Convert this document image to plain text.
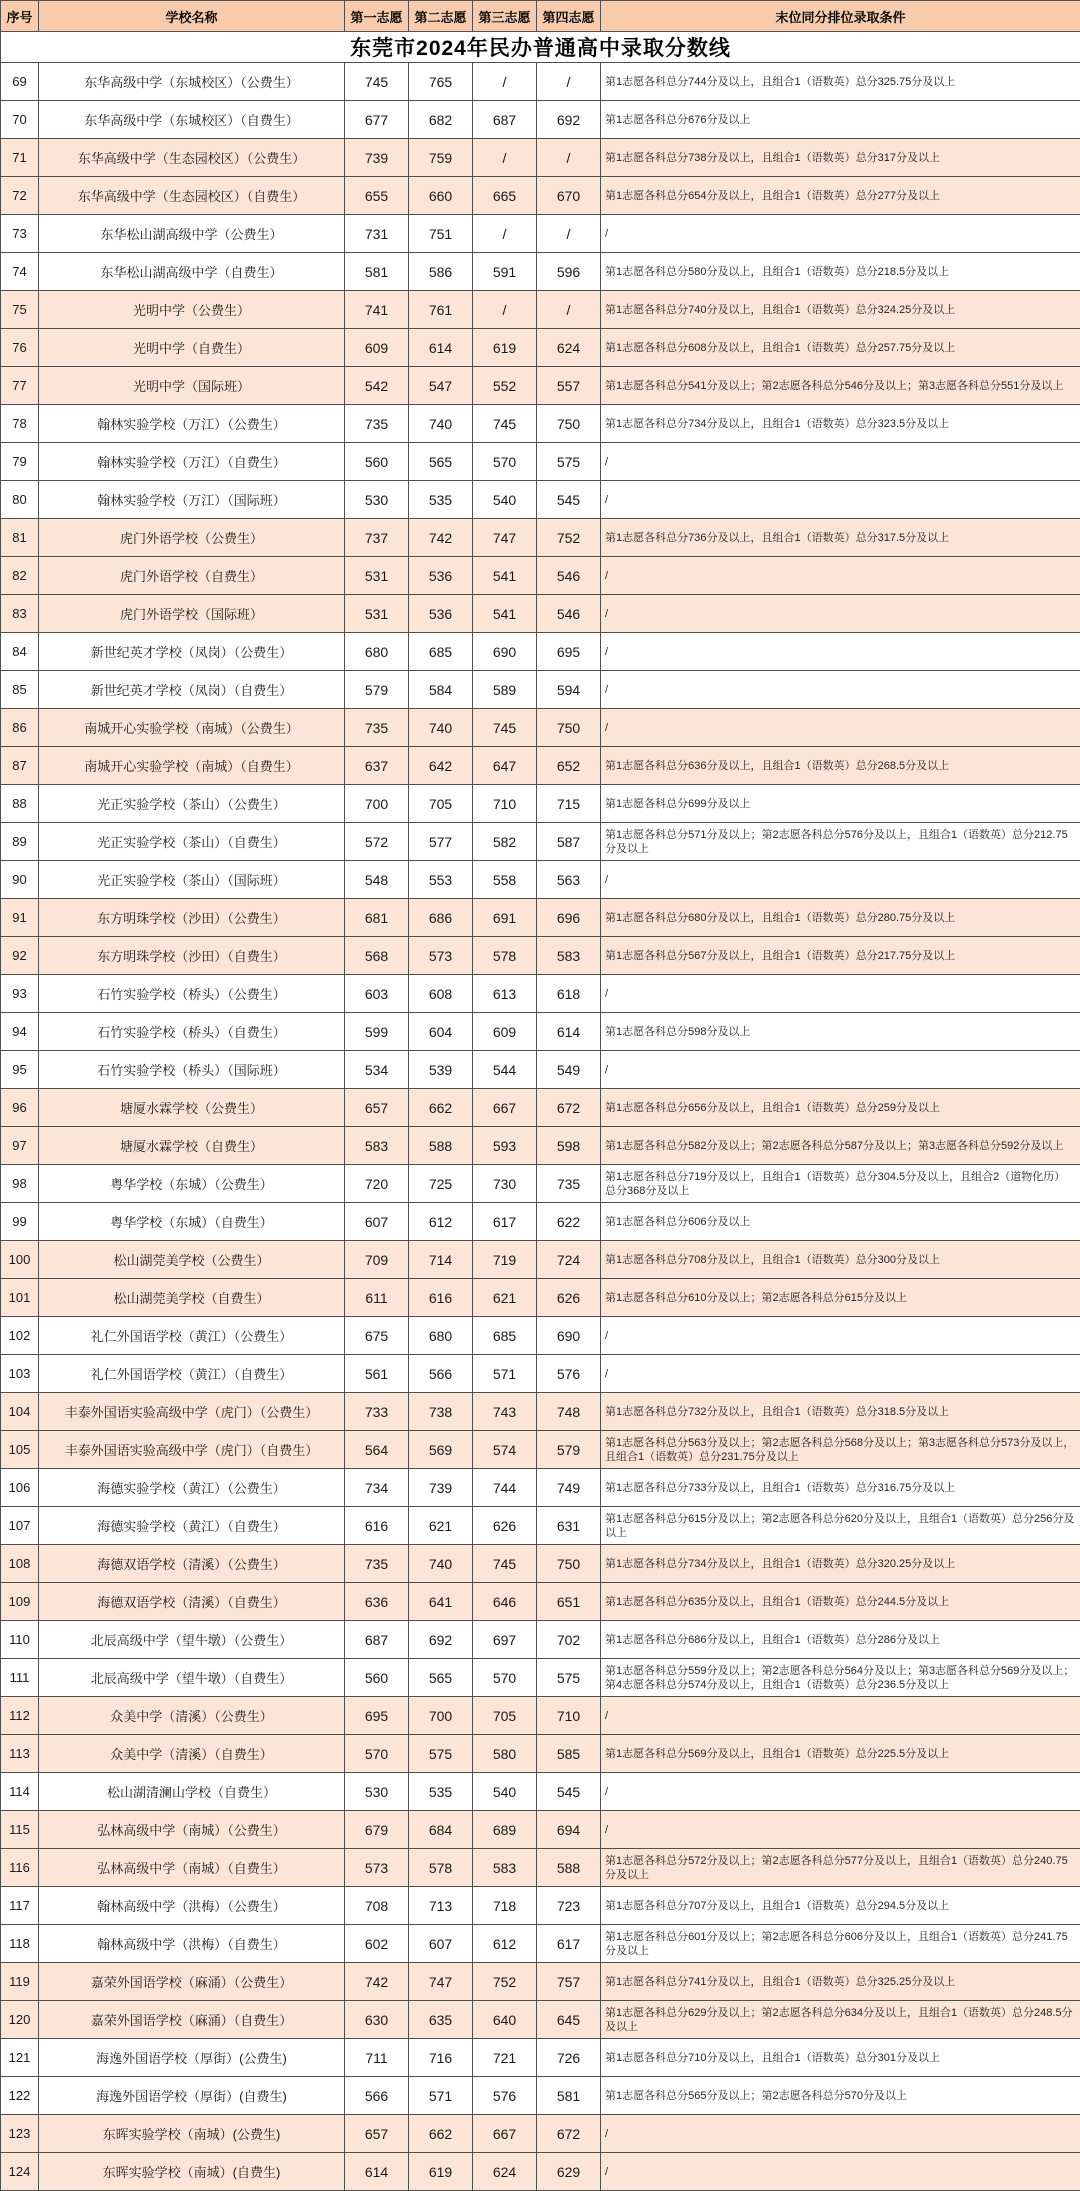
东莞市2024年民办普通高中录取分数线						
序号	学校名称	第一志愿	第二志愿	第三志愿	第四志愿	末位同分排位录取条件
69	东华高级中学（东城校区）（公费生）	745	765	/	/	第1志愿各科总分744分及以上，且组合1（语数英）总分325.75分及以上
70	东华高级中学（东城校区）（自费生）	677	682	687	692	第1志愿各科总分676分及以上
71	东华高级中学（生态园校区）（公费生）	739	759	/	/	第1志愿各科总分738分及以上，且组合1（语数英）总分317分及以上
72	东华高级中学（生态园校区）（自费生）	655	660	665	670	第1志愿各科总分654分及以上，且组合1（语数英）总分277分及以上
73	东华松山湖高级中学（公费生）	731	751	/	/	/
74	东华松山湖高级中学（自费生）	581	586	591	596	第1志愿各科总分580分及以上，且组合1（语数英）总分218.5分及以上
75	光明中学（公费生）	741	761	/	/	第1志愿各科总分740分及以上，且组合1（语数英）总分324.25分及以上
76	光明中学（自费生）	609	614	619	624	第1志愿各科总分608分及以上，且组合1（语数英）总分257.75分及以上
77	光明中学（国际班）	542	547	552	557	第1志愿各科总分541分及以上；第2志愿各科总分546分及以上；第3志愿各科总分551分及以上
78	翰林实验学校（万江）（公费生）	735	740	745	750	第1志愿各科总分734分及以上，且组合1（语数英）总分323.5分及以上
79	翰林实验学校（万江）（自费生）	560	565	570	575	/
80	翰林实验学校（万江）（国际班）	530	535	540	545	/
81	虎门外语学校（公费生）	737	742	747	752	第1志愿各科总分736分及以上，且组合1（语数英）总分317.5分及以上
82	虎门外语学校（自费生）	531	536	541	546	/
83	虎门外语学校（国际班）	531	536	541	546	/
84	新世纪英才学校（凤岗）（公费生）	680	685	690	695	/
85	新世纪英才学校（凤岗）（自费生）	579	584	589	594	/
86	南城开心实验学校（南城）（公费生）	735	740	745	750	/
87	南城开心实验学校（南城）（自费生）	637	642	647	652	第1志愿各科总分636分及以上，且组合1（语数英）总分268.5分及以上
88	光正实验学校（茶山）（公费生）	700	705	710	715	第1志愿各科总分699分及以上
89	光正实验学校（茶山）（自费生）	572	577	582	587	第1志愿各科总分571分及以上；第2志愿各科总分576分及以上，且组合1（语数英）总分212.75分及以上
90	光正实验学校（茶山）（国际班）	548	553	558	563	/
91	东方明珠学校（沙田）（公费生）	681	686	691	696	第1志愿各科总分680分及以上，且组合1（语数英）总分280.75分及以上
92	东方明珠学校（沙田）（自费生）	568	573	578	583	第1志愿各科总分567分及以上，且组合1（语数英）总分217.75分及以上
93	石竹实验学校（桥头）（公费生）	603	608	613	618	/
94	石竹实验学校（桥头）（自费生）	599	604	609	614	第1志愿各科总分598分及以上
95	石竹实验学校（桥头）（国际班）	534	539	544	549	/
96	塘厦水霖学校（公费生）	657	662	667	672	第1志愿各科总分656分及以上，且组合1（语数英）总分259分及以上
97	塘厦水霖学校（自费生）	583	588	593	598	第1志愿各科总分582分及以上；第2志愿各科总分587分及以上；第3志愿各科总分592分及以上
98	粤华学校（东城）（公费生）	720	725	730	735	第1志愿各科总分719分及以上，且组合1（语数英）总分304.5分及以上，且组合2（道物化历）总分368分及以上
99	粤华学校（东城）（自费生）	607	612	617	622	第1志愿各科总分606分及以上
100	松山湖莞美学校（公费生）	709	714	719	724	第1志愿各科总分708分及以上，且组合1（语数英）总分300分及以上
101	松山湖莞美学校（自费生）	611	616	621	626	第1志愿各科总分610分及以上；第2志愿各科总分615分及以上
102	礼仁外国语学校（黄江）（公费生）	675	680	685	690	/
103	礼仁外国语学校（黄江）（自费生）	561	566	571	576	/
104	丰泰外国语实验高级中学（虎门）（公费生）	733	738	743	748	第1志愿各科总分732分及以上，且组合1（语数英）总分318.5分及以上
105	丰泰外国语实验高级中学（虎门）（自费生）	564	569	574	579	第1志愿各科总分563分及以上；第2志愿各科总分568分及以上；第3志愿各科总分573分及以上，且组合1（语数英）总分231.75分及以上
106	海德实验学校（黄江）（公费生）	734	739	744	749	第1志愿各科总分733分及以上，且组合1（语数英）总分316.75分及以上
107	海德实验学校（黄江）（自费生）	616	621	626	631	第1志愿各科总分615分及以上；第2志愿各科总分620分及以上，且组合1（语数英）总分256分及以上
108	海德双语学校（清溪）（公费生）	735	740	745	750	第1志愿各科总分734分及以上，且组合1（语数英）总分320.25分及以上
109	海德双语学校（清溪）（自费生）	636	641	646	651	第1志愿各科总分635分及以上，且组合1（语数英）总分244.5分及以上
110	北辰高级中学（望牛墩）（公费生）	687	692	697	702	第1志愿各科总分686分及以上，且组合1（语数英）总分286分及以上
111	北辰高级中学（望牛墩）（自费生）	560	565	570	575	第1志愿各科总分559分及以上；第2志愿各科总分564分及以上；第3志愿各科总分569分及以上；第4志愿各科总分574分及以上，且组合1（语数英）总分236.5分及以上
112	众美中学（清溪）（公费生）	695	700	705	710	/
113	众美中学（清溪）（自费生）	570	575	580	585	第1志愿各科总分569分及以上，且组合1（语数英）总分225.5分及以上
114	松山湖清澜山学校（自费生）	530	535	540	545	/
115	弘林高级中学（南城）（公费生）	679	684	689	694	/
116	弘林高级中学（南城）（自费生）	573	578	583	588	第1志愿各科总分572分及以上；第2志愿各科总分577分及以上，且组合1（语数英）总分240.75分及以上
117	翰林高级中学（洪梅）（公费生）	708	713	718	723	第1志愿各科总分707分及以上，且组合1（语数英）总分294.5分及以上
118	翰林高级中学（洪梅）（自费生）	602	607	612	617	第1志愿各科总分601分及以上；第2志愿各科总分606分及以上，且组合1（语数英）总分241.75分及以上
119	嘉荣外国语学校（麻涌）（公费生）	742	747	752	757	第1志愿各科总分741分及以上，且组合1（语数英）总分325.25分及以上
120	嘉荣外国语学校（麻涌）（自费生）	630	635	640	645	第1志愿各科总分629分及以上；第2志愿各科总分634分及以上，且组合1（语数英）总分248.5分及以上
121	海逸外国语学校（厚街）(公费生)	711	716	721	726	第1志愿各科总分710分及以上，且组合1（语数英）总分301分及以上
122	海逸外国语学校（厚街）(自费生)	566	571	576	581	第1志愿各科总分565分及以上；第2志愿各科总分570分及以上
123	东晖实验学校（南城）(公费生)	657	662	667	672	/
124	东晖实验学校（南城）(自费生)	614	619	624	629	/
